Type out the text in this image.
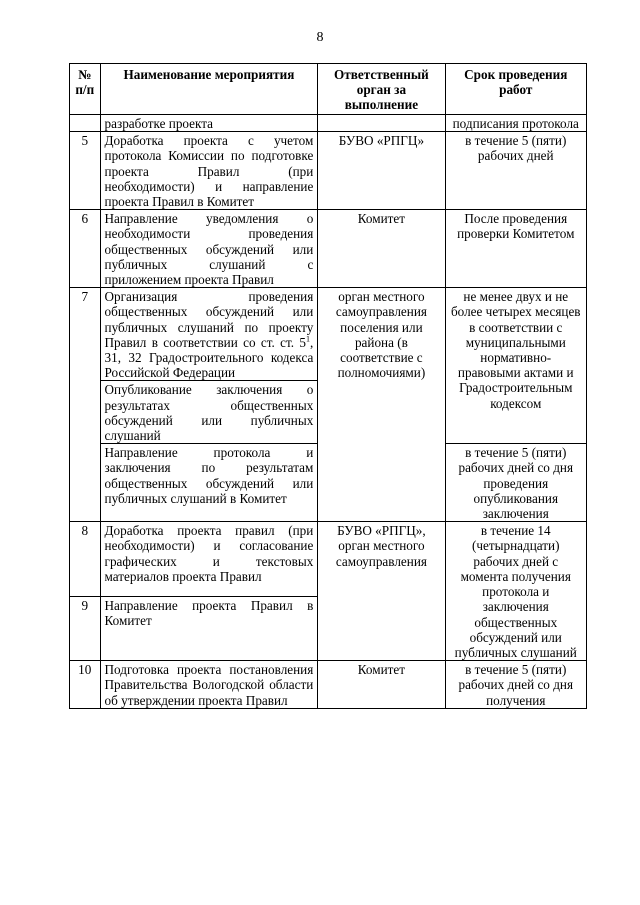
8
№ п/п	Наименование мероприятия	Ответственный орган за выполнение	Срок проведения работ
	разработке проекта		подписания протокола
5	Доработка проекта с учетом протокола Комиссии по подготовке проекта Правил (при необходимости) и направление проекта Правил в Комитет	БУВО «РПГЦ»	в течение 5 (пяти) рабочих дней
6	Направление уведомления о необходимости проведения общественных обсуждений или публичных слушаний с приложением проекта Правил	Комитет	После проведения проверки Комитетом
7	Организация проведения общественных обсуждений или публичных слушаний по проекту Правил в соответствии со ст. ст. $5^1$, 31, 32 Градостроительного кодекса Российской Федерации	орган местного самоуправления поселения или района (в соответствие с полномочиями)	не менее двух и не более четырех месяцев в соответствии с муниципальными нормативно-правовыми актами и Градостроительным кодексом
	Опубликование заключения о результатах общественных обсуждений или публичных слушаний		
	Направление протокола и заключения по результатам общественных обсуждений или публичных слушаний в Комитет		в течение 5 (пяти) рабочих дней со дня проведения опубликования заключения
8	Доработка проекта правил (при необходимости) и согласование графических и текстовых материалов проекта Правил	БУВО «РПГЦ», орган местного самоуправления	в течение 14 (четырнадцати) рабочих дней с момента получения протокола и заключения общественных обсуждений или публичных слушаний
9	Направление проекта Правил в Комитет		
10	Подготовка проекта постановления Правительства Вологодской области об утверждении проекта Правил	Комитет	в течение 5 (пяти) рабочих дней со дня получения
